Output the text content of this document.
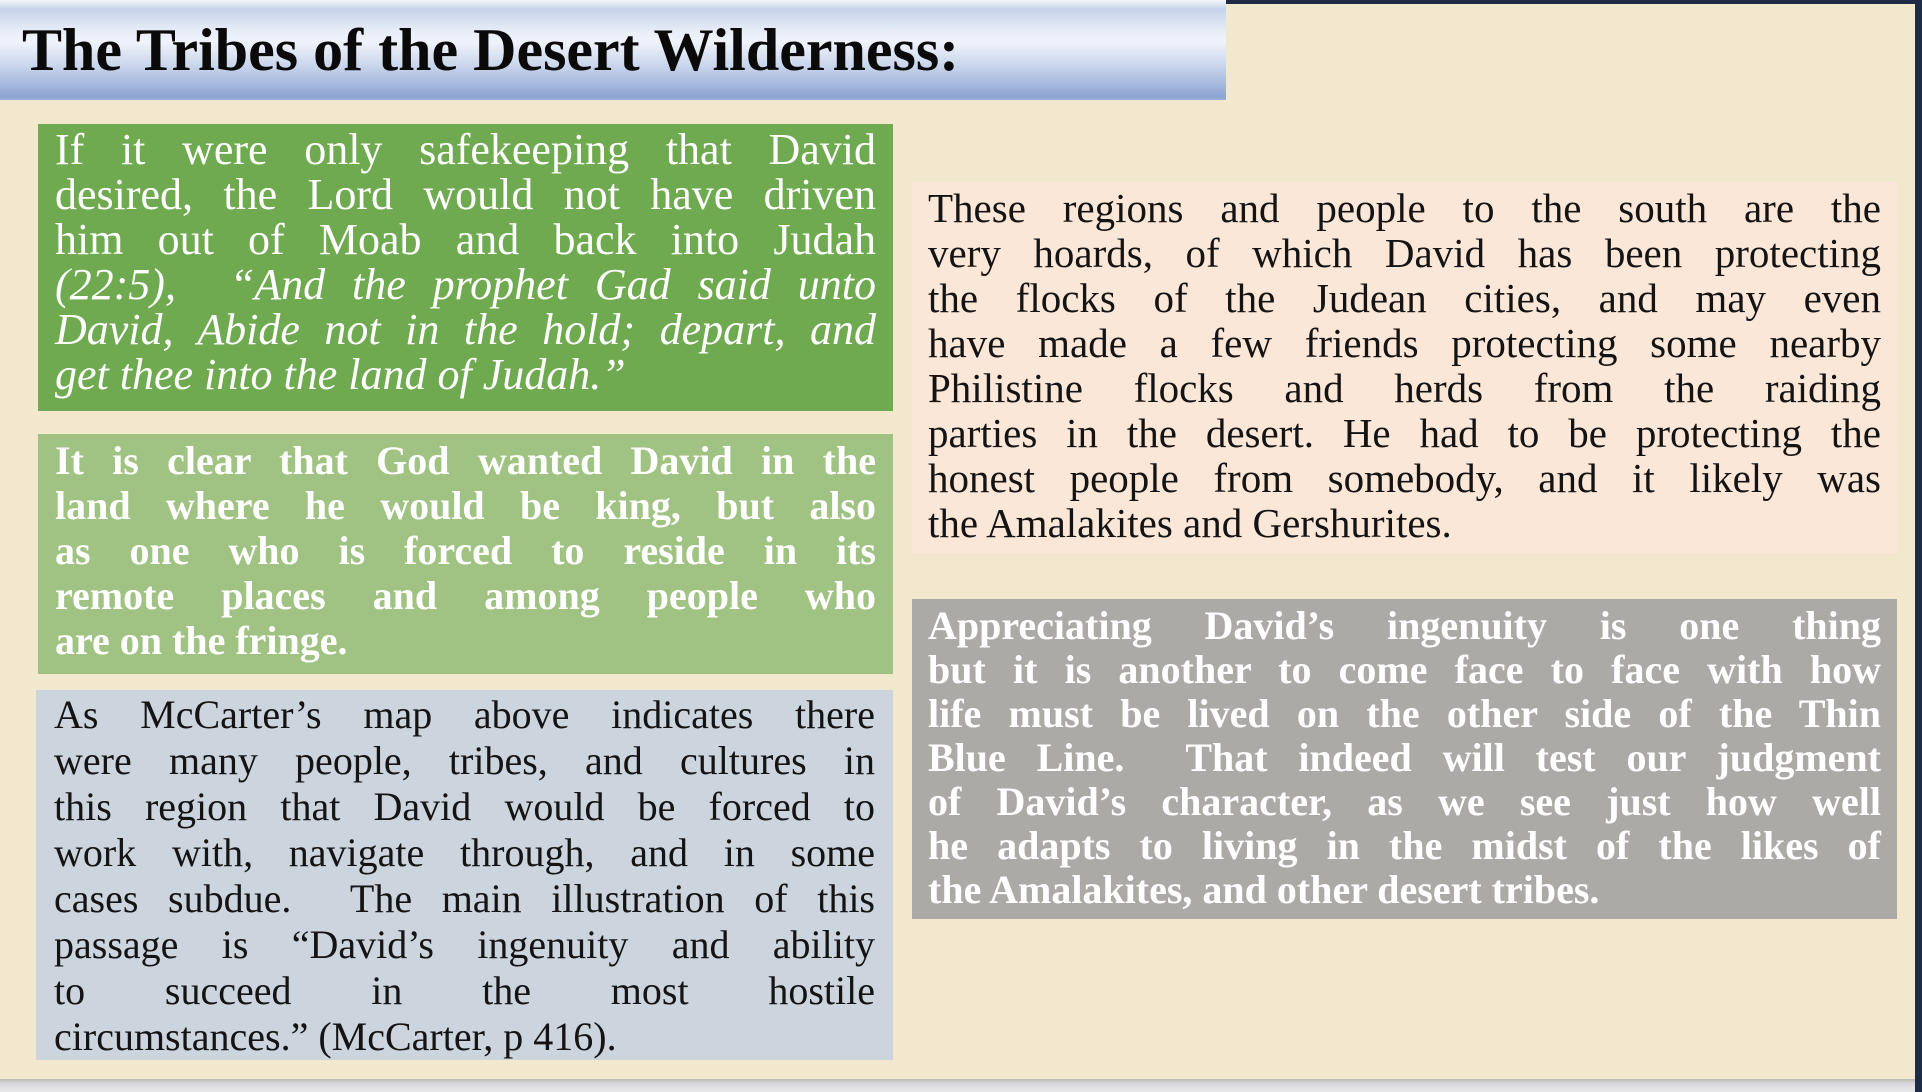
The Tribes of the Desert Wilderness:
If it were only safekeeping that David
desired, the Lord would not have driven
him out of Moab and back into Judah
(22:5),  “And the prophet Gad said unto
David, Abide not in the hold; depart, and
get thee into the land of Judah.”
It is clear that God wanted David in the
land where he would be king, but also
as one who is forced to reside in its
remote places and among people who
are on the fringe.
As McCarter’s map above indicates there
were many people, tribes, and cultures in
this region that David would be forced to
work with, navigate through, and in some
cases subdue.  The main illustration of this
passage is “David’s ingenuity and ability
to succeed in the most hostile
circumstances.” (McCarter, p 416).
These regions and people to the south are the
very hoards, of which David has been protecting
the flocks of the Judean cities, and may even
have made a few friends protecting some nearby
Philistine flocks and herds from the raiding
parties in the desert. He had to be protecting the
honest people from somebody, and it likely was
the Amalakites and Gershurites.
Appreciating David’s ingenuity is one thing
but it is another to come face to face with how
life must be lived on the other side of the Thin
Blue Line.  That indeed will test our judgment
of David’s character, as we see just how well
he adapts to living in the midst of the likes of
the Amalakites, and other desert tribes.
